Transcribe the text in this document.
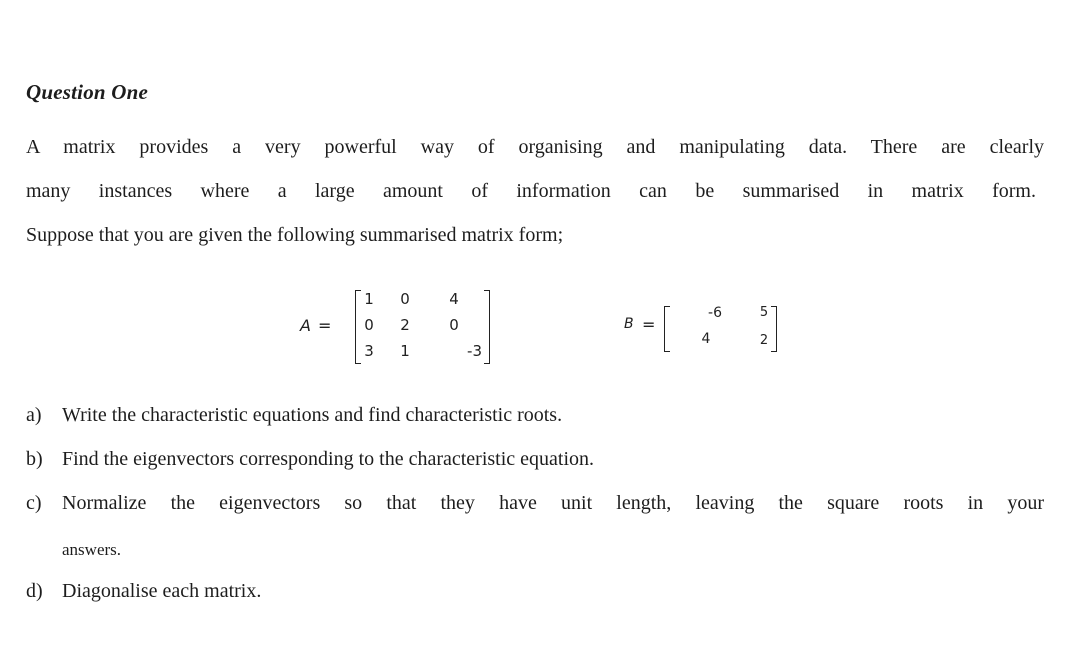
Question One
A matrix provides a very powerful way of organising and manipulating data. There are clearly
many instances where a large amount of information can be summarised in matrix form.
Suppose that you are given the following summarised matrix form;
A =
1 0	4
0 2	0
3 1	-3
B =
-6	5
4	2
a) Write the characteristic equations and find characteristic roots.
b) Find the eigenvectors corresponding to the characteristic equation.
c) Normalize the eigenvectors so that they have unit length, leaving the square roots in your
answers.
d) Diagonalise each matrix.
